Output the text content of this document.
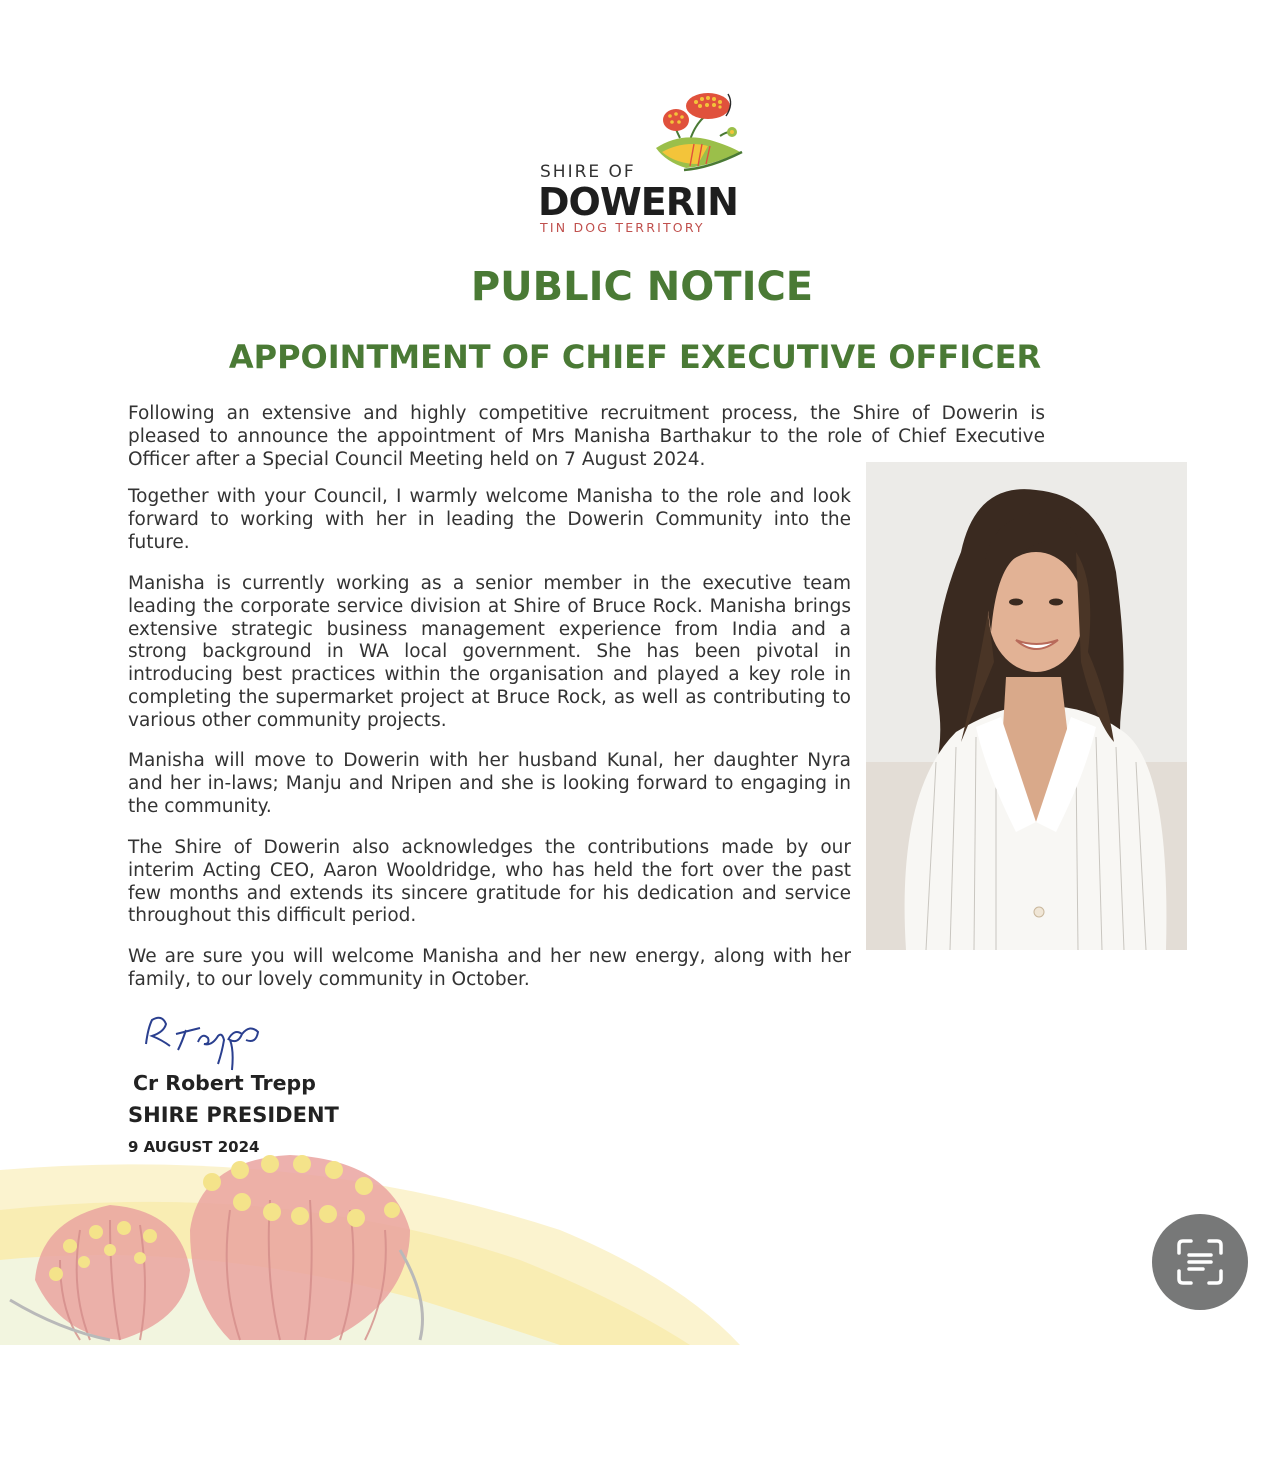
SHIRE OF
DOWERIN
TIN DOG TERRITORY
PUBLIC NOTICE
APPOINTMENT OF CHIEF EXECUTIVE OFFICER

Following an extensive and highly competitive recruitment process, the Shire of Dowerin is pleased to announce the appointment of Mrs Manisha Barthakur to the role of Chief Executive Officer after a Special Council Meeting held on 7 August 2024.

Together with your Council, I warmly welcome Manisha to the role and look forward to working with her in leading the Dowerin Community into the future.

Manisha is currently working as a senior member in the executive team leading the corporate service division at Shire of Bruce Rock. Manisha brings extensive strategic business management experience from India and a strong background in WA local government. She has been pivotal in introducing best practices within the organisation and played a key role in completing the supermarket project at Bruce Rock, as well as contributing to various other community projects.

Manisha will move to Dowerin with her husband Kunal, her daughter Nyra and her in-laws; Manju and Nripen and she is looking forward to engaging in the community.

The Shire of Dowerin also acknowledges the contributions made by our interim Acting CEO, Aaron Wooldridge, who has held the fort over the past few months and extends its sincere gratitude for his dedication and service throughout this difficult period.

We are sure you will welcome Manisha and her new energy, along with her family, to our lovely community in October.

Cr Robert Trepp
SHIRE PRESIDENT
9 AUGUST 2024
